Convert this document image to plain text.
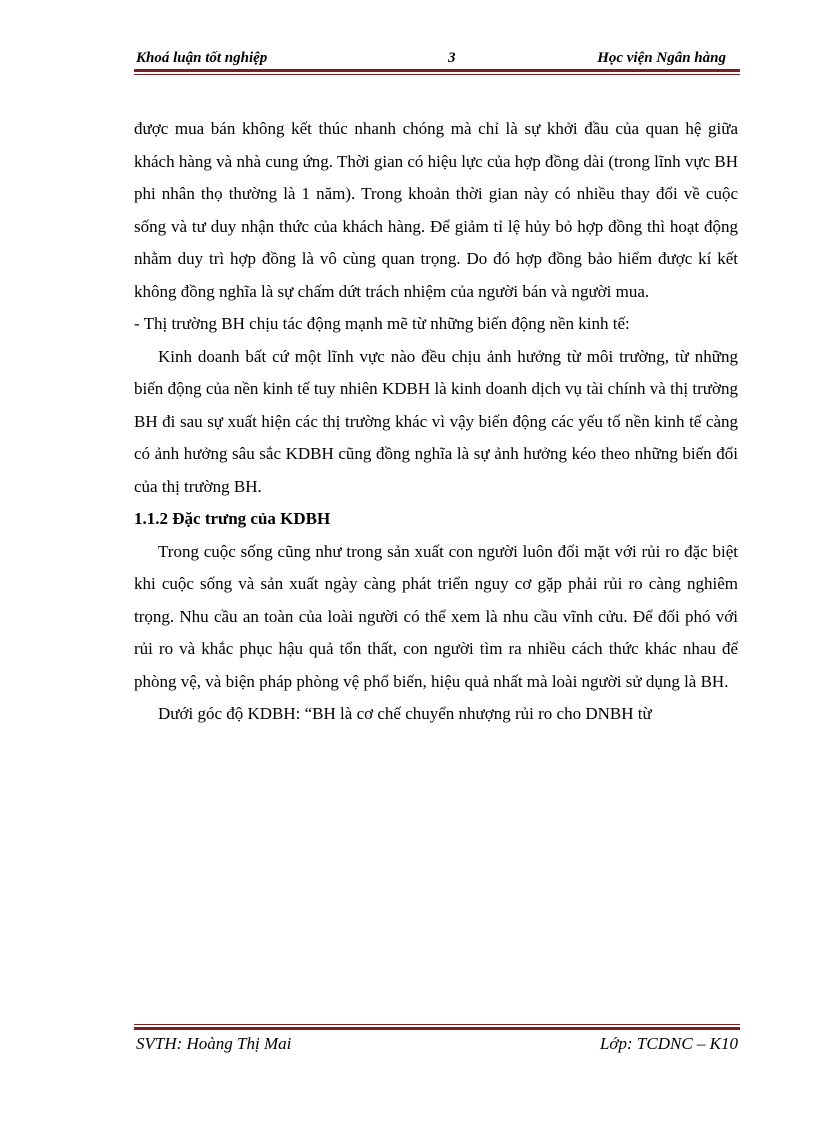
Khoá luận tốt nghiệp	3	Học viện Ngân hàng

được mua bán không kết thúc nhanh chóng mà chỉ là sự khởi đầu của quan hệ giữa khách hàng và nhà cung ứng. Thời gian có hiệu lực của hợp đồng dài (trong lĩnh vực BH phi nhân thọ thường là 1 năm). Trong khoản thời gian này có nhiều thay đổi về cuộc sống và tư duy nhận thức của khách hàng. Để giảm tỉ lệ hủy bỏ hợp đồng thì hoạt động nhằm duy trì hợp đồng là vô cùng quan trọng. Do đó hợp đồng bảo hiểm được kí kết không đồng nghĩa là sự chấm dứt trách nhiệm của người bán và người mua.

- Thị trường BH chịu tác động mạnh mẽ từ những biến động nền kinh tế:

Kinh doanh bất cứ một lĩnh vực nào đều chịu ảnh hưởng từ môi trường, từ những biến động của nền kinh tế tuy nhiên KDBH là kinh doanh dịch vụ tài chính và thị trường BH đi sau sự xuất hiện các thị trường khác vì vậy biến động các yếu tố nền kinh tế càng có ảnh hưởng sâu sắc KDBH cũng đồng nghĩa là sự ảnh hưởng kéo theo những biến đổi của thị trường BH.

1.1.2 Đặc trưng của KDBH

Trong cuộc sống cũng như trong sản xuất con người luôn đối mặt với rủi ro đặc biệt khi cuộc sống và sản xuất ngày càng phát triển nguy cơ gặp phải rủi ro càng nghiêm trọng. Nhu cầu an toàn của loài người có thể xem là nhu cầu vĩnh cửu. Để đối phó với rủi ro và khắc phục hậu quả tổn thất, con người tìm ra nhiều cách thức khác nhau để phòng vệ, và biện pháp phòng vệ phổ biến, hiệu quả nhất mà loài người sử dụng là BH.

Dưới góc độ KDBH: “BH là cơ chế chuyển nhượng rủi ro cho DNBH từ

SVTH: Hoàng Thị Mai	Lớp: TCDNC – K10
